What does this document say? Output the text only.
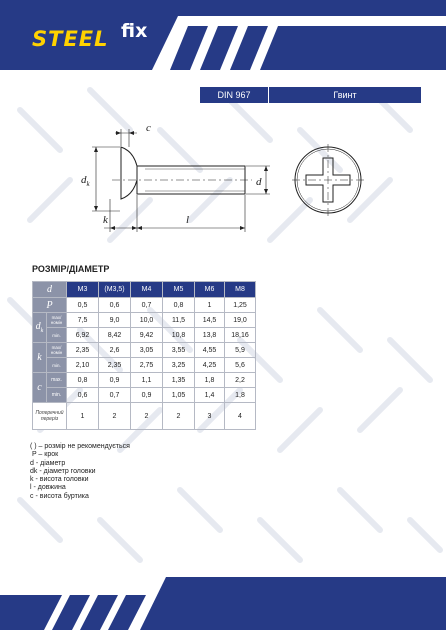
STEEL fix
DIN 967	Гвинт
c
$d_k$
k	l
d
РОЗМІР/ДІАМЕТР
d		M3	(M3,5)	M4	M5	M6	M8
P		0,5	0,6	0,7	0,8	1	1,25
$d_k$	max/номін	7,5	9,0	10,0	11,5	14,5	19,0
	min.	6,92	8,42	9,42	10,8	13,8	18,16
k	max/номін	2,35	2,6	3,05	3,55	4,55	5,9
	min.	2,10	2,35	2,75	3,25	4,25	5,6
c	max.	0,8	0,9	1,1	1,35	1,8	2,2
	min.	0,6	0,7	0,9	1,05	1,4	1,8
Поперечний переріз		1	2	2	2	3	4
( ) – розмір не рекомендується
P – крок
d - діаметр
dk - діаметр головки
k - висота головки
l - довжина
c - висота буртика
